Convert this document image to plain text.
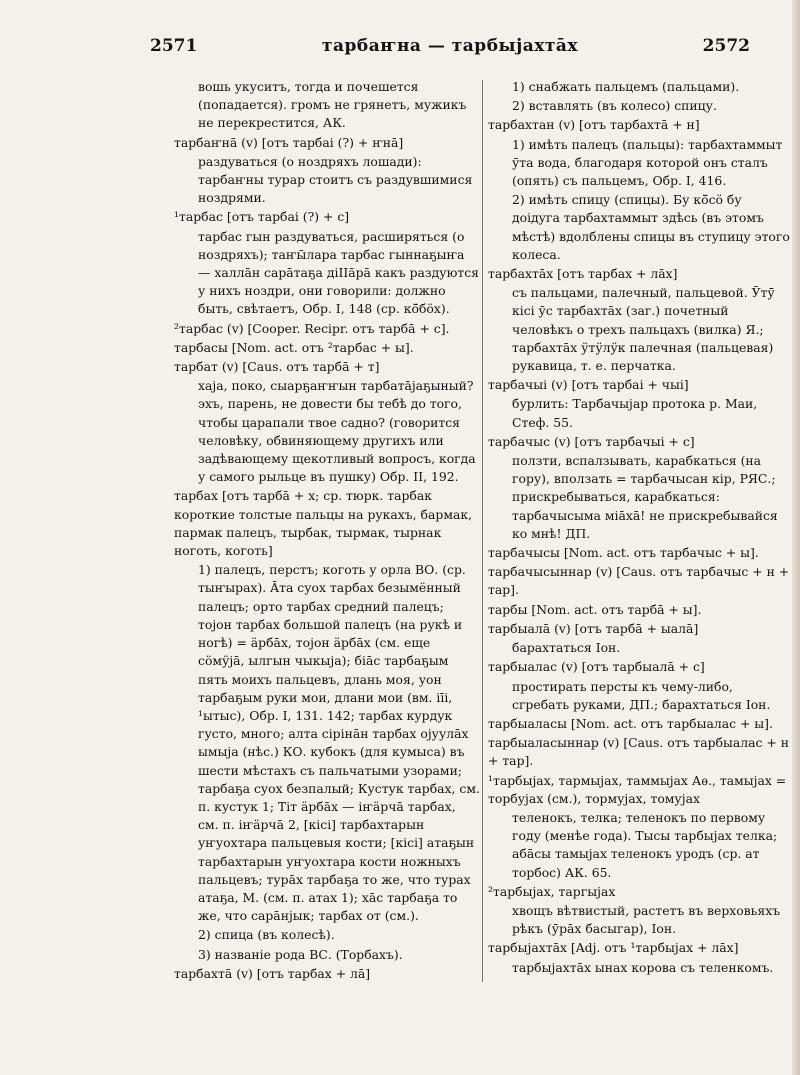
2571	тарбаҥна — тарбыјахтāх	2572

вошь укуситъ, тогда и почешется (попадается). громъ не грянетъ, мужикъ не перекрестится, АК.

тарбаҥнā (v) [отъ тарбаі (?) + ҥнā]

раздуваться (о ноздряхъ лошади): тарбаҥны турар стоитъ съ раздувшимися ноздрями.

¹тарбас [отъ тарбаі (?) + с]

тарбас гын раздуваться, расширяться (о ноздряхъ); таҥы̄лара тарбас гыннаҕыҥа — халлāн сарāтаҕа дiӀӀāрā какъ раздуются у нихъ ноздри, они говорили: должно быть, свѣтаетъ, Обр. I, 148 (ср. кӧ̄бӧх).

²тарбас (v) [Cooper. Recipr. отъ тарбā + с].

тарбасы [Nom. act. отъ ²тарбас + ы].

тарбат (v) [Caus. отъ тарбā + т]

хаја, поко, сыарҕаҥҥын тарбатāјаҕыный? эхъ, парень, не довести бы тебѣ до того, чтобы царапали твое садно? (говорится человѣку, обвиняющему другихъ или задѣвающему щекотливый вопросъ, когда у самого рыльце въ пушку) Обр. II, 192.

тарбах [отъ тарбā + х; ср. тюрк. тарбак короткие толстые пальцы на рукахъ, бармак, пармак палецъ, тырбак, тырмак, тырнак ноготь, коготь]

1) палецъ, перстъ; коготь у орла ВО. (ср. тыҥырах). Āта суох тарбах безымённый палецъ; орто тарбах средний палецъ; тојон тарбах большой палецъ (на рукѣ и ногѣ) = ӓрбāх, тојон ӓрбāх (см. еще сӧмӱјā, ылгын чыкыја); біāс тарбаҕым пять моихъ пальцевъ, длань моя, уон тарбаҕым руки мои, длани мои (вм. iīi, ¹ытыс), Обр. I, 131. 142; тарбах курдук густо, много; алта сірінāн тарбах ојуулāх ымыја (нѣс.) КО. кубокъ (для кумыса) въ шести мѣстахъ съ пальчатыми узорами; тарбаҕа суох безпалый; Кустук тарбах, см. п. кустук 1; Тіт ӓрбāх — іҥӓрчā тарбах, см. п. іҥӓрчā 2, [кісі] тарбахтарын уҥуохтара пальцевыя кости; [кісі] атаҕын тарбахтарын уҥуохтара кости ножныхъ пальцевъ; турāх тарбаҕа то же, что турах атаҕа, М. (см. п. атах 1); хāс тарбаҕа то же, что сарāнјык; тарбах от (см.).

2) спица (въ колесѣ).

3) названіе рода ВС. (Торбахъ).

тарбахтā (v) [отъ тарбах + лā]

1) снабжать пальцемъ (пальцами).

2) вставлять (въ колесо) спицу.

тарбахтан (v) [отъ тарбахтā + н]

1) имѣть палецъ (пальцы): тарбахтаммыт ӯта вода, благодаря которой онъ сталъ (опять) съ пальцемъ, Обр. I, 416.

2) имѣть спицу (спицы). Бу кӧ̄сӧ бу доідуга тарбахтаммыт здѣсь (въ этомъ мѣстѣ) вдолблены спицы въ ступицу этого колеса.

тарбахтāх [отъ тарбах + лāх]

съ пальцами, палечный, пальцевой. Ӯтӯ̄ кісі ӯс тарбахтāх (заг.) почетный человѣкъ о трехъ пальцахъ (вилка) Я.; тарбахтāх ӱтӱлӱк палечная (пальцевая) рукавица, т. е. перчатка.

тарбачыі (v) [отъ тарбаі + чыі]

бурлить: Тарбачыјар протока р. Маи, Стеф. 55.

тарбачыс (v) [отъ тарбачыі + с]

ползти, вспалзывать, карабкаться (на гору), вползать = тарбачысан кір, РЯС.; прискребываться, карабкаться: тарбачысыма міāхā! не прискребывайся ко мнѣ! ДП.

тарбачысы [Nom. act. отъ тарбачыс + ы].

тарбачысыннар (v) [Caus. отъ тарбачыс + н + тар].

тарбы [Nom. act. отъ тарбā + ы].

тарбыалā (v) [отъ тарбā + ыалā]

барахтаться Іон.

тарбыалас (v) [отъ тарбыалā + с]

простирать персты къ чему-либо, сгребать руками, ДП.; барахтаться Іон.

тарбыаласы [Nom. act. отъ тарбыалас + ы].

тарбыаласыннар (v) [Caus. отъ тарбыалас + н + тар].

¹тарбыјах, тармыјах, таммыјах Аѳ., тамыјах = торбујах (см.), тормујах, томујах

теленокъ, телка; теленокъ по первому году (менѣе года). Тысы тарбыјах телка; абāсы тамыјах теленокъ уродъ (ср. ат торбос) АК. 65.

²тарбыјах, таргыјах

хвощъ вѣтвистый, растетъ въ верховьяхъ рѣкъ (ӯрāх басыгар), Іон.

тарбыјахтāх [Adj. отъ ¹тарбыјах + лāх]

тарбыјахтāх ынах корова съ теленкомъ.
